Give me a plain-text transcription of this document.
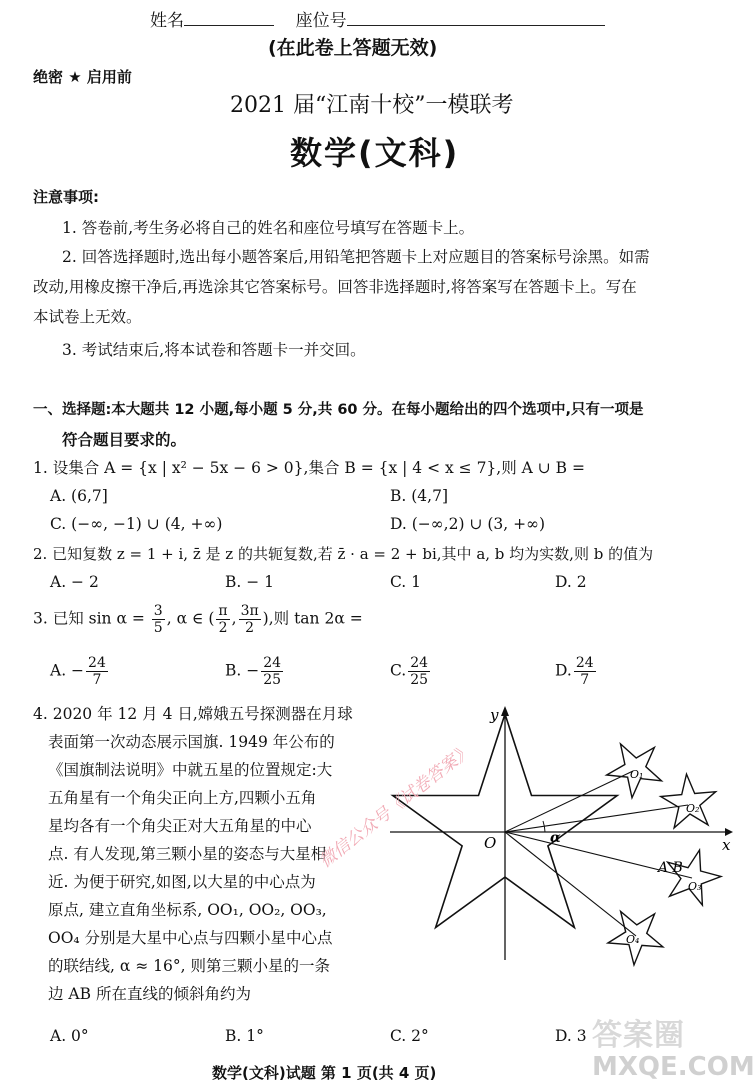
姓名	座位号
(在此卷上答题无效)
绝密 ★ 启用前
2021 届“江南十校”一模联考
数学(文科)
注意事项:
1. 答卷前,考生务必将自己的姓名和座位号填写在答题卡上。
2. 回答选择题时,选出每小题答案后,用铅笔把答题卡上对应题目的答案标号涂黑。如需
改动,用橡皮擦干净后,再选涂其它答案标号。回答非选择题时,将答案写在答题卡上。写在
本试卷上无效。
3. 考试结束后,将本试卷和答题卡一并交回。
一、选择题:本大题共 12 小题,每小题 5 分,共 60 分。在每小题给出的四个选项中,只有一项是
符合题目要求的。
1. 设集合 A = {x | x² − 5x − 6 > 0},集合 B = {x | 4 < x ≤ 7},则 A ∪ B =
A. (6,7]	B. (4,7]
C. (−∞, −1) ∪ (4, +∞)	D. (−∞,2) ∪ (3, +∞)
2. 已知复数 z = 1 + i, z̄ 是 z 的共轭复数,若 z̄ · a = 2 + bi,其中 a, b 均为实数,则 b 的值为
A. − 2	B. − 1	C. 1	D. 2
3. 已知 $\sin \alpha = \frac{3}{5}$ , α ∈ ( $\frac{\pi}{2}$ , $\frac{3\pi}{2}$ ),则 tan 2α =
A. − $\frac{24}{7}$	B. − $\frac{24}{25}$	C. $\frac{24}{25}$	D. $\frac{24}{7}$
4. 2020 年 12 月 4 日,嫦娥五号探测器在月球
表面第一次动态展示国旗. 1949 年公布的
《国旗制法说明》中就五星的位置规定:大
五角星有一个角尖正向上方,四颗小五角
星均各有一个角尖正对大五角星的中心
点. 有人发现,第三颗小星的姿态与大星相
近. 为便于研究,如图,以大星的中心点为
原点, 建立直角坐标系, OO₁, OO₂, OO₃,
OO₄ 分别是大星中心点与四颗小星中心点
的联结线, α ≈ 16°, 则第三颗小星的一条
边 AB 所在直线的倾斜角约为
x
y
O	α
O₁
O₂
O₃
O₄
A B
微信公众号《试卷答案》
A. 0°	B. 1°	C. 2°	D. 3
数学(文科)试题 第 1 页(共 4 页)
答案圈
MXQE.COM
